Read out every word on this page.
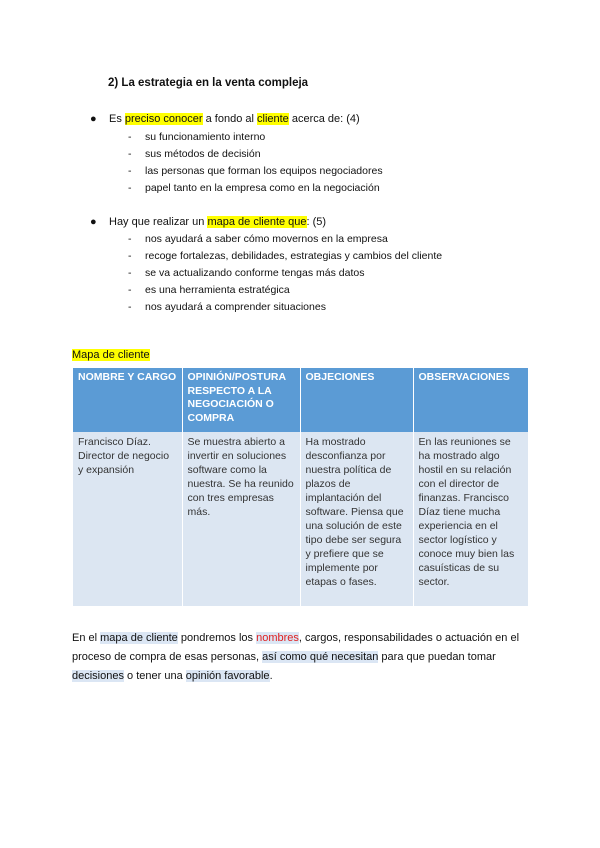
2) La estrategia en la venta compleja
●	Es preciso conocer a fondo al cliente acerca de: (4)
- su funcionamiento interno
- sus métodos de decisión
- las personas que forman los equipos negociadores
- papel tanto en la empresa como en la negociación
●	Hay que realizar un mapa de cliente que: (5)
- nos ayudará a saber cómo movernos en la empresa
- recoge fortalezas, debilidades, estrategias y cambios del cliente
- se va actualizando conforme tengas más datos
- es una herramienta estratégica
- nos ayudará a comprender situaciones
Mapa de cliente
NOMBRE Y CARGO	OPINIÓN/POSTURA RESPECTO A LA NEGOCIACIÓN O COMPRA	OBJECIONES	OBSERVACIONES
Francisco Díaz. Director de negocio y expansión	Se muestra abierto a invertir en soluciones software como la nuestra. Se ha reunido con tres empresas más.	Ha mostrado desconfianza por nuestra política de plazos de implantación del software. Piensa que una solución de este tipo debe ser segura y prefiere que se implemente por etapas o fases.	En las reuniones se ha mostrado algo hostil en su relación con el director de finanzas. Francisco Díaz tiene mucha experiencia en el sector logístico y conoce muy bien las casuísticas de su sector.
En el mapa de cliente pondremos los nombres, cargos, responsabilidades o actuación en el proceso de compra de esas personas, así como qué necesitan para que puedan tomar decisiones o tener una opinión favorable.
